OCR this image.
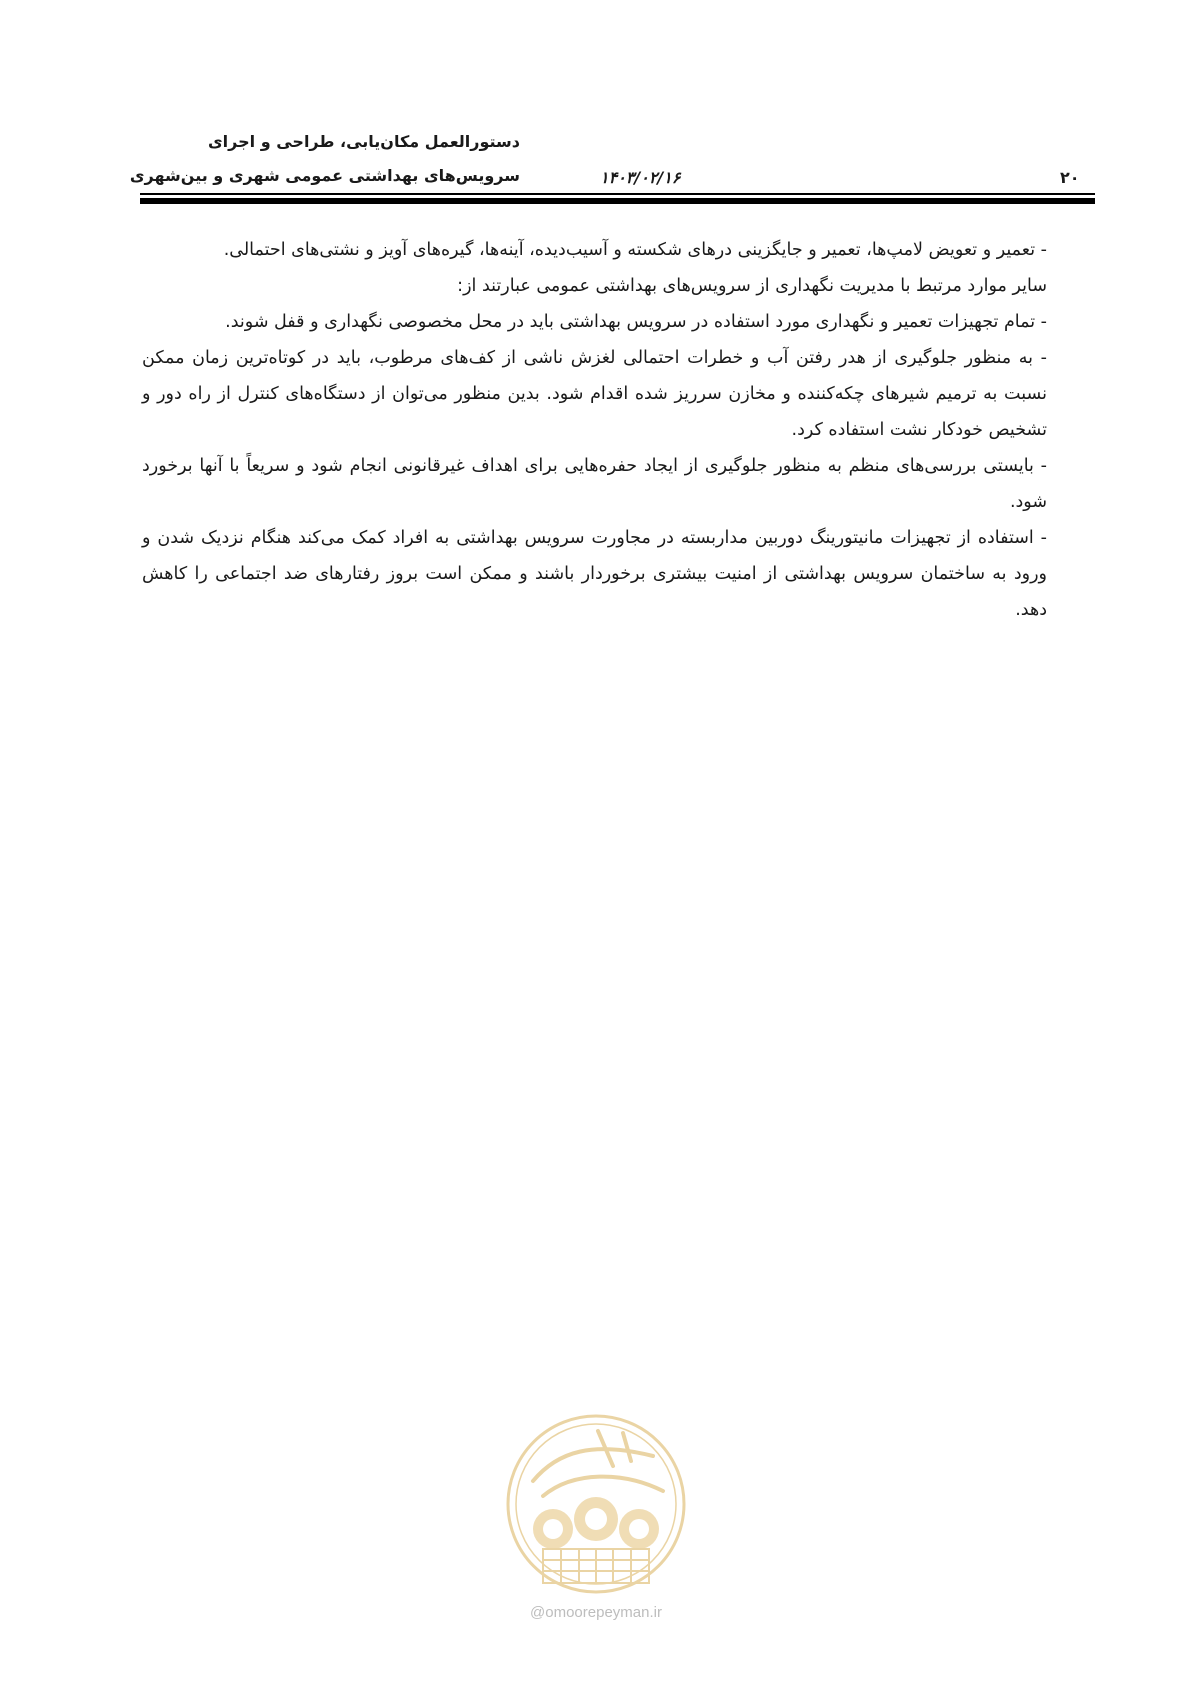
دستورالعمل مکان‌یابی، طراحی و اجرای
سرویس‌های بهداشتی عمومی شهری و بین‌شهری	۱۴۰۳/۰۲/۱۶	۲۰

- تعمیر و تعویض لامپ‌ها، تعمیر و جایگزینی درهای شکسته و آسیب‌دیده، آینه‌ها، گیره‌های آویز و نشتی‌های احتمالی.

سایر موارد مرتبط با مدیریت نگهداری از سرویس‌های بهداشتی عمومی عبارتند از:

- تمام تجهیزات تعمیر و نگهداری مورد استفاده در سرویس بهداشتی باید در محل مخصوصی نگهداری و قفل شوند.

- به منظور جلوگیری از هدر رفتن آب و خطرات احتمالی لغزش ناشی از کف‌های مرطوب، باید در کوتاه‌ترین زمان ممکن نسبت به ترمیم شیرهای چکه‌کننده و مخازن سرریز شده اقدام شود. بدین منظور می‌توان از دستگاه‌های کنترل از راه دور و تشخیص خودکار نشت استفاده کرد.

- بایستی بررسی‌های منظم به منظور جلوگیری از ایجاد حفره‌هایی برای اهداف غیرقانونی انجام شود و سریعاً با آنها برخورد شود.

- استفاده از تجهیزات مانیتورینگ دوربین مداربسته در مجاورت سرویس بهداشتی به افراد کمک می‌کند هنگام نزدیک شدن و ورود به ساختمان سرویس بهداشتی از امنیت بیشتری برخوردار باشند و ممکن است بروز رفتارهای ضد اجتماعی را کاهش دهد.

@omoorepeyman.ir
